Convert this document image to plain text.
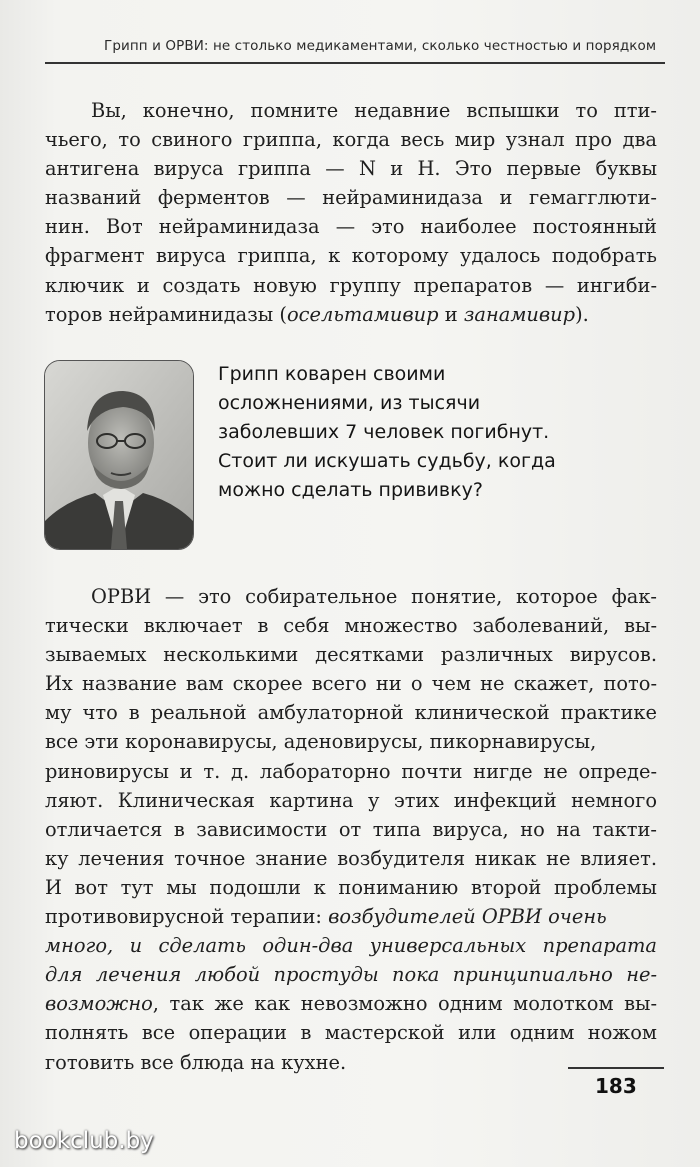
Грипп и ОРВИ: не столько медикаментами, сколько честностью и порядком
Вы, конечно, помните недавние вспышки то пти-
чьего, то свиного гриппа, когда весь мир узнал про два
антигена вируса гриппа — N и H. Это первые буквы
названий ферментов — нейраминидаза и гемагглюти-
нин. Вот нейраминидаза — это наиболее постоянный
фрагмент вируса гриппа, к которому удалось подобрать
ключик и создать новую группу препаратов — ингиби-
торов нейраминидазы (осельтамивир и занамивир).
Грипп коварен своими
осложнениями, из тысячи
заболевших 7 человек погибнут.
Стоит ли искушать судьбу, когда
можно сделать прививку?
ОРВИ — это собирательное понятие, которое фак-
тически включает в себя множество заболеваний, вы-
зываемых несколькими десятками различных вирусов.
Их название вам скорее всего ни о чем не скажет, пото-
му что в реальной амбулаторной клинической практике
все эти коронавирусы, аденовирусы, пикорнавирусы,
риновирусы и т. д. лабораторно почти нигде не опреде-
ляют. Клиническая картина у этих инфекций немного
отличается в зависимости от типа вируса, но на такти-
ку лечения точное знание возбудителя никак не влияет.
И вот тут мы подошли к пониманию второй проблемы
противовирусной терапии: возбудителей ОРВИ очень
много, и сделать один-два универсальных препарата
для лечения любой простуды пока принципиально не-
возможно, так же как невозможно одним молотком вы-
полнять все операции в мастерской или одним ножом
готовить все блюда на кухне.
183
bookclub.by
